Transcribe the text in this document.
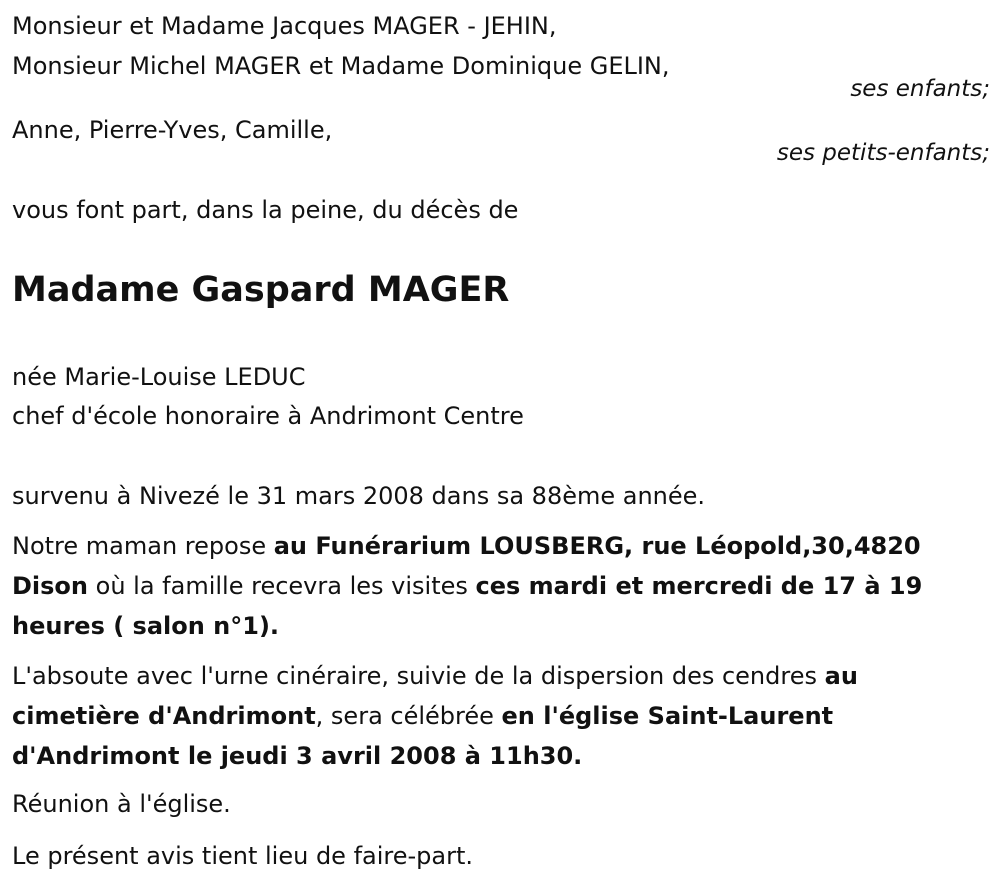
Monsieur et Madame Jacques MAGER - JEHIN,
Monsieur Michel MAGER et Madame Dominique GELIN,
ses enfants;
Anne, Pierre-Yves, Camille,
ses petits-enfants;
vous font part, dans la peine, du décès de
Madame Gaspard MAGER
née Marie-Louise LEDUC
chef d'école honoraire à Andrimont Centre
survenu à Nivezé le 31 mars 2008 dans sa 88ème année.
Notre maman repose au Funérarium LOUSBERG, rue Léopold,30,4820 Dison où la famille recevra les visites ces mardi et mercredi de 17 à 19 heures ( salon n°1).
L'absoute avec l'urne cinéraire, suivie de la dispersion des cendres au cimetière d'Andrimont, sera célébrée en l'église Saint-Laurent d'Andrimont le jeudi 3 avril 2008 à 11h30.
Réunion à l'église.
Le présent avis tient lieu de faire-part.
